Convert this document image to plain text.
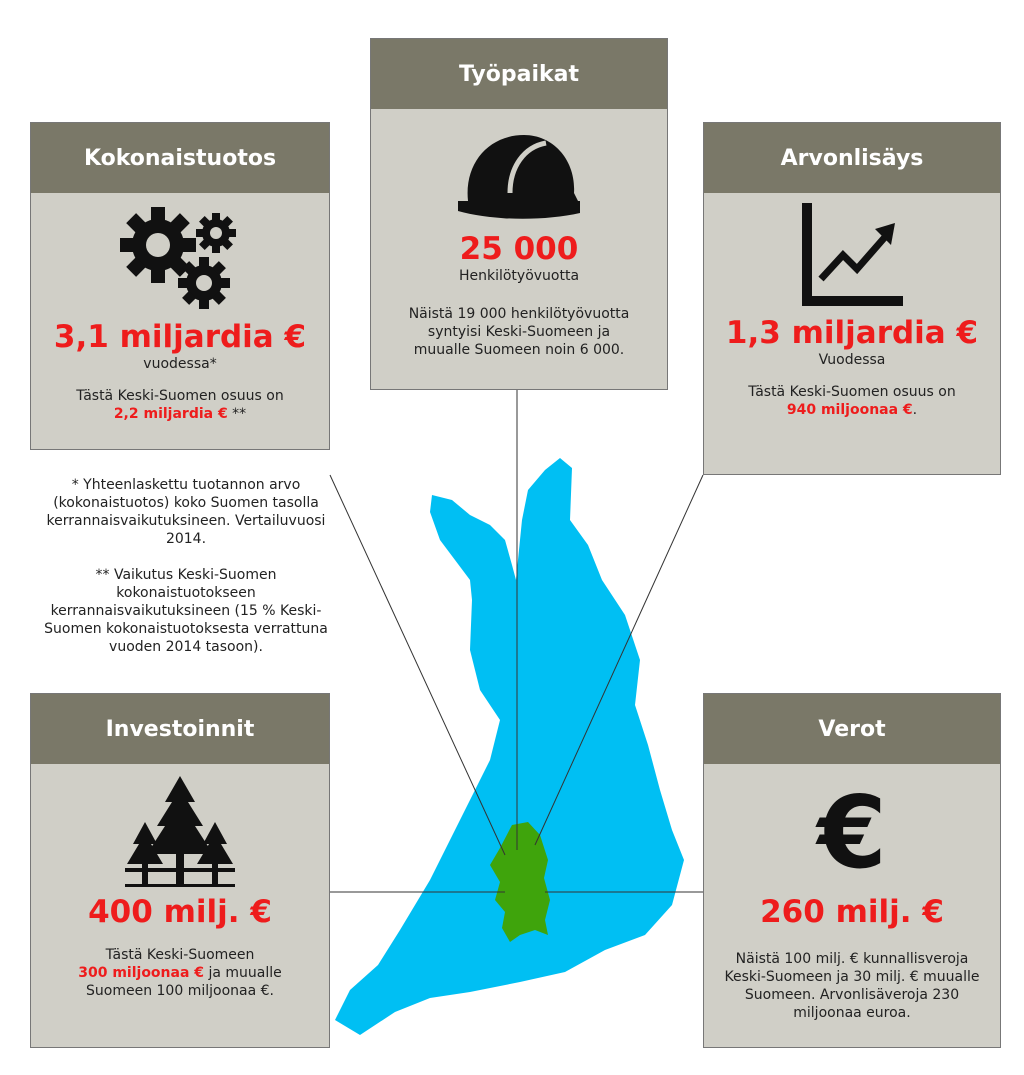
Kokonaistuotos
3,1 miljardia €
vuodessa*
Tästä Keski-Suomen osuus on
2,2 miljardia € **

* Yhteenlaskettu tuotannon arvo (kokonaistuotos) koko Suomen tasolla kerrannaisvaikutuksineen. Vertailuvuosi 2014.

** Vaikutus Keski-Suomen kokonaistuotokseen kerrannaisvaikutuksineen (15 % Keski-Suomen kokonaistuotoksesta verrattuna vuoden 2014 tasoon).

Työpaikat
25 000
Henkilötyövuotta
Näistä 19 000 henkilötyövuotta syntyisi Keski-Suomeen ja muualle Suomeen noin 6 000.
Arvonlisäys
1,3 miljardia €
Vuodessa
Tästä Keski-Suomen osuus on
940 miljoonaa €.
Investoinnit
400 milj. €
Tästä Keski-Suomeen
300 miljoonaa € ja muualle Suomeen 100 miljoonaa €.
Verot
€
260 milj. €
Näistä 100 milj. € kunnallisveroja Keski-Suomeen ja 30 milj. € muualle Suomeen. Arvonlisäveroja 230 miljoonaa euroa.
